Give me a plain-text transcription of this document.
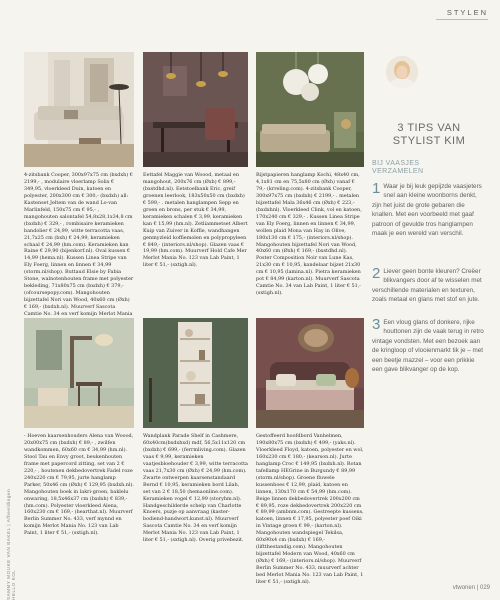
STYLEN
SAMMY MOUKE VAN BAKEL | Afbeeldingen HELLO KOL
4-zitsbank Cooper, 300x97x75 cm (bxdxh) € 2199,- , modulaire vloerlamp Solix € 349,95, vloerkleed Duin, katoen en polyester, 200x300 cm € 300,- (bxdxh) all: Kastenset Jeltem van de wand Lo-van Marlinfeld, 150x75 cm € 95,- , mangohouten salontafel 54,8x28,1x34,8 cm (bxdxh) € 329,- , rombisaire keramieken bandolier € 24,99, witte terracotta vaas, 21,7x25 cm (bxh) € 24,99, keramieken schaal € 24,99 (hm.com). Keramieken kan Raine € 29,90 (bijenkorf.nl). Oval kussen € 14,99 (hema.nl). Kussen Linea Stripe van Ely Foerg, linnen en linnen € 34,99 (storm.nl/shop). Buttaud Elsie by Fabia Stone, walnotenhouten frame met polyester bekleding, 71x80x75 cm (bxdxh) € 379,- (ofcoursepopy.com). Mangohouten bijzettafel Nori van Wood, 40x60 cm (Øxh) € 169,- (bxdxh.nl). Muurverf Sascota Camtie No. 34 en verf komijn Merlot Mania
Eettafel Maggie van Woood, metaal en mangohout, 200x76 cm (Øxh) € 899,- (bxstdhd.nl). Eetstoelbank Eric, greif groenen leerlook, 183x50x50 cm (bxdxh) € 599,- . metalen hanglampen Sepp en groen en brons, per stuk € 34,99, keramieken schalen € 3,99, keramieken kan € 15,99 (hm.nl). Zetliammetset Albert Kuip van Zuiver in Koffie, wandhangen genmyzleid koffiemolen en polypropyleen € 849,- (interiors.nl/shop). Glazen vaas € 19,99 (hm.com). Muurverf Hold Cafe Mer Merlot Mania No. 123 van Lab Paint, 1 liter € 51,- (sxtigh.nl).
Rijstpapieren hanglamp Kochi, 48x40 cm, 4,1x81 cm en 75,5x80 cm (Øxh) vanaf € 79,- (krreling.com). 4-zitsbank Cooper, 300x97x75 cm (bxdxh) € 2199,- . metalen bijzettafel Mala 36x46 cm (Øxh) € 223,- (bxdxhnl). Vloerkleed Clink, vol en katoen, 170x240 cm € 329,- . Kussen Linea Stripe van Ely Foerg, linnen en linnen € 34,99, wollen plaid Mona van Hay in Olive, 180x130 cm € 175,- (interiors.nl/shop). Mangohouten bijzettafel Nori van Wood, 40x60 cm (Øxh) € 169,- (bxstdhd.nl). Poster Composition Noir van Lune Kas, 21x30 cm € 10,95, kandelaar bijzet 21x30 cm € 10,95 (lamina.nl). Pietra keramieken pot € 84,99 (karton.nl). Muurverf Sascota Camtie No. 34 van Lab Paint, 1 liter € 51,- (sxtigh.nl).
- Hoeven kaarsenhouders Alena van Woood, 20x00x75 cm (bxdxh) € 89,- , zwilfen wandkommen, 60x60 cm € 34,99 (hm.nl). Stool Tau en Envy groot, beukenhouten frame met papercord zitting, set van 2 € 220,- , houtenen dekbedovertrek Fadel roze 240x220 cm € 79,95, jurte hanglamp Parker, 50x46 cm (Øxh) € 129,95 (bxdxh.nl). Mangohouten boek in lakri-groen, baklelu onwaring, 18,5x46x37 cm (bxdxh) € 839,- (hm.com). Polyester vloerkleed Alena, 160x230 cm € 169,- (hearthat.nl). Muurverf Berlin Summer No. 433, verf mynnd en komijn Merlot Mania No. 123 van Lab Paint, 1 liter € 51,- (sxtigh.nl).
Wandplank Parade Shelf in Cashmere, 60x40cm(bxdxhxd) mdf, 56,5x11x120 cm (bxdxh) € 699,- (ferrmliving.com). Glazen vaas € 9,99, keramieken vaatjesbloehouder € 3,99, witte terracotta vaas 21,7x30 cm (Øxh) € 24,99 (hm.com). Zwarte ontwerpen kaarsenstandaard Bernd € 10,95, keramieken bord Lilah, set van 2 € 18,50 (hemaonline.com). Keramieken vogel € 12,99 (storyhm.nl). Handgeschilderde schelp van Charlotte Knoers, puzje op aanvraag (kaster-bodiend-handwort.kunst.nl). Muurverf Sascota Camtie No. 34 en verf komijn Merlot Mania No. 123 van Lab Paint, 1 liter € 51,- (sxtigh.nl). Overig privebezit.
Gestoffeerd hoofdbord Vanhelmen, 190x80x75 cm (bxdxh) € 499,- (yaks.nl). Vloerkleed Floyd, katoen, polyester en wol, 160x230 cm € 180,- (kearson.nl). Jurte hanglamp Croc € 149,95 (bxdxh.nl). Rotan tafellamp HEGrine in Burgundy € 89,99 (storm.nl/shop). Groene fluwele kussenhoes € 12,99, plaid, katoen en linnen, 130x170 cm € 54,99 (hm.com). Beige linnen dekbedovertrek 200x200 cm € 89,95, roze dekbedovertrek 200x220 cm € 89,99 (ambnm.com). Gestreepte kussens, katoen, linnen € 17,95, polyester poef Oiki in Vintage groen € 99,- (karton.nl). Mangohouten wandspiegel Tekilsa, 60x90x4 cm (bxdxh) € 169,- (liftthestandig.com). Mangohouten bijzettafel Modern van Wood, 40x60 cm (Øxh) € 169,- (interiors.nl/shop). Muurverf Berlin Summer No. 433, muurverf achter bed Merlot Mania No. 123 van Lab Paint, 1 liter € 51,- (sxtigh.nl).
3 TIPS VAN
STYLIST KIM
BIJ VAASJES
VERZAMELEN
1 Waar je bij leuk gepijzde vaasjeters snel aan kleine woonborns denkt, zijn het juist de grote gebaren die knallen. Met een voorbeeld met gaaf patroon of gevulde tros hanglampen maak je een wereld van verschil.
2 Liever geen bonte kleuren? Creëer blikvangers door af te wisselen met verschillende materialen en texturen, zoals metaal en glans met stof en jute.
3 Een vloug glans of donkere, rijke houttonen zijn de vaak terug in retro vintage vondsten. Met een bezoek aan de kringloop of vlooienmarkt tik je – met een beetje mazzel – voor een prikkie een gave blikvanger op de kop.
vtwonen | 029
